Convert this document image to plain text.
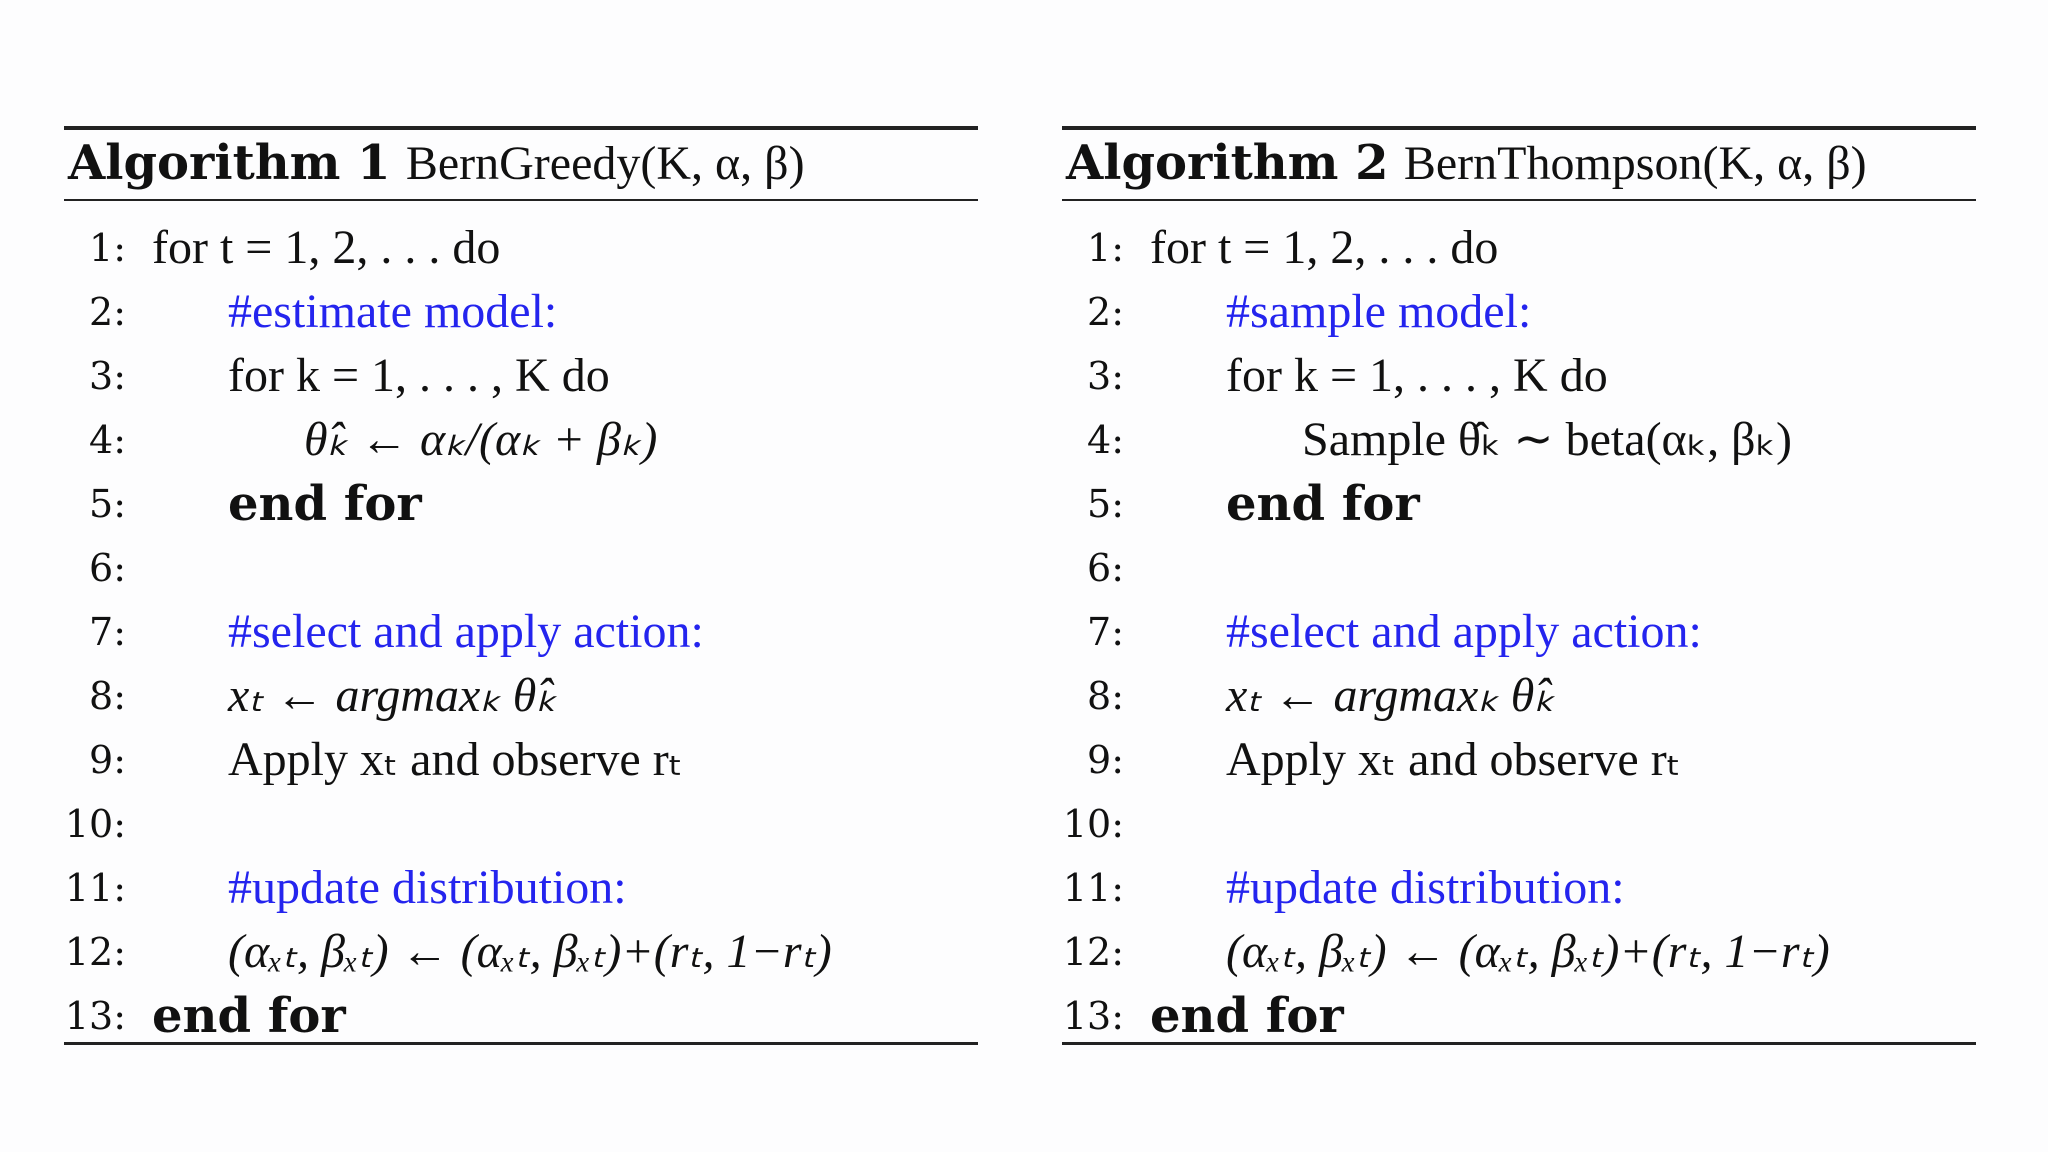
Algorithm 1 BernGreedy(K, α, β)
1: for t = 1, 2, . . . do
2: #estimate model:
3: for k = 1, . . . , K do
4:	θ̂ₖ ← αₖ/(αₖ + βₖ)
5: end for
6:
7: #select and apply action:
8: xₜ ← argmaxₖ θ̂ₖ
9: Apply xₜ and observe rₜ
10:
11: #update distribution:
12: (αₓₜ, βₓₜ) ← (αₓₜ, βₓₜ)+(rₜ, 1−rₜ)
13: end for
Algorithm 2 BernThompson(K, α, β)
1: for t = 1, 2, . . . do
2: #sample model:
3: for k = 1, . . . , K do
4:	Sample θ̂ₖ ∼ beta(αₖ, βₖ)
5: end for
6:
7: #select and apply action:
8: xₜ ← argmaxₖ θ̂ₖ
9: Apply xₜ and observe rₜ
10:
11: #update distribution:
12: (αₓₜ, βₓₜ) ← (αₓₜ, βₓₜ)+(rₜ, 1−rₜ)
13: end for
